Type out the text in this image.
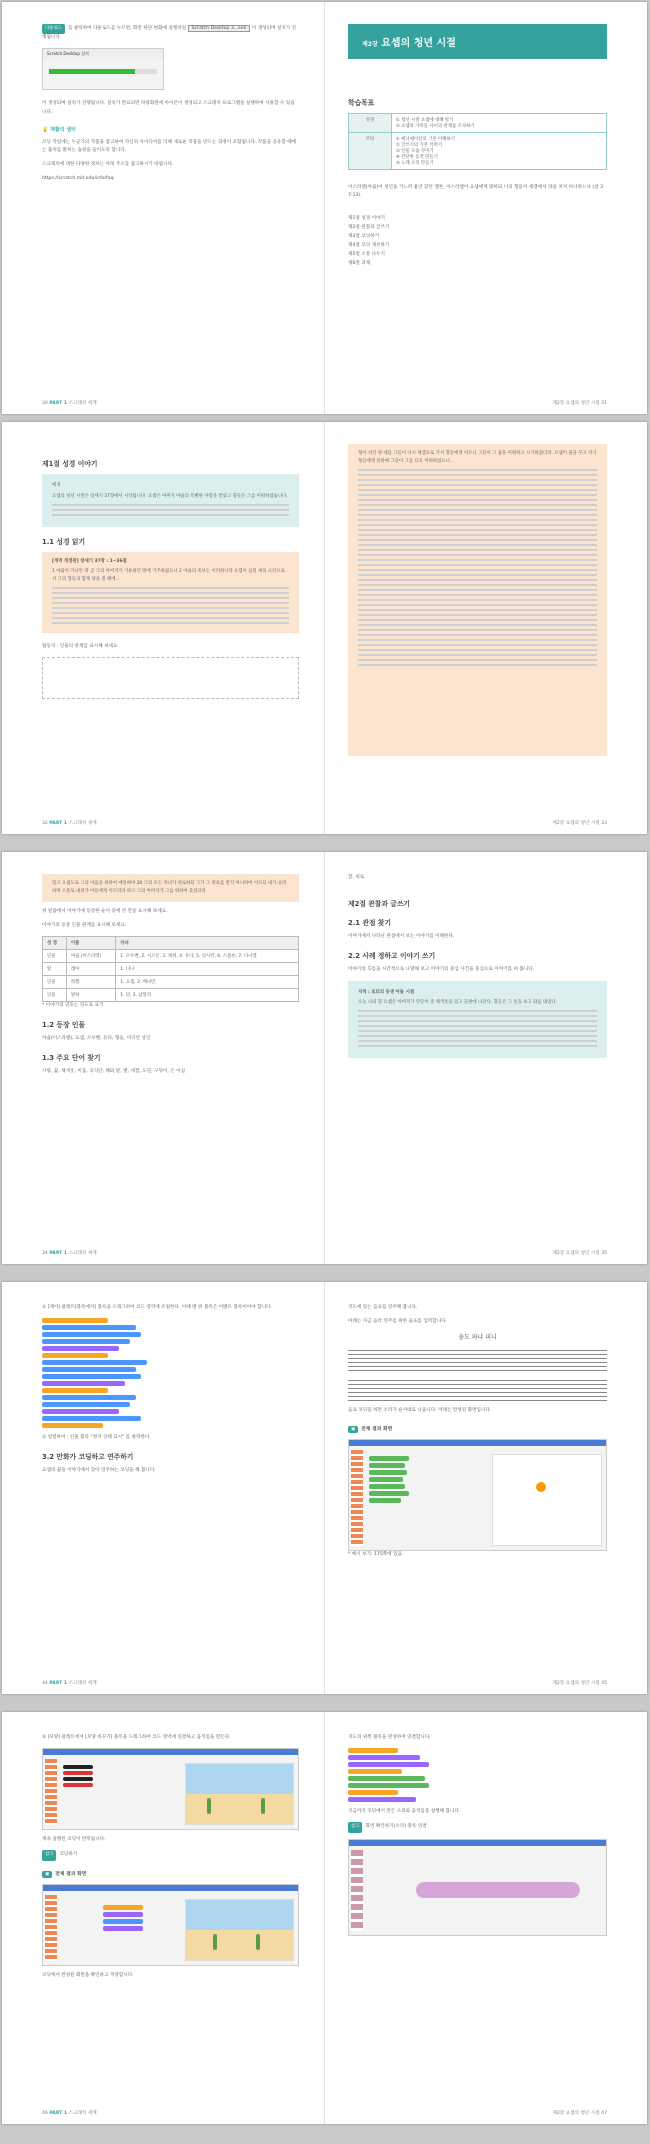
다운로드 를 클릭하여 다운로드를 누르면, 화면 하단 변화에 실행파일 Scratch Desktop 3...exe 이 생성되며 설치가 진행됩니다.

Scratch Desktop 설치

이 생성되며 설치가 진행됩니다. 설치가 완료되면 바탕화면에 아이콘이 생성되고 스크래치 프로그램을 실행하여 사용할 수 있습니다.

💡 재활의 샘터

코딩 작업에는 누군가의 작품을 참고하여 자신의 아이디어를 더해 새로운 작품을 만드는 과정이 포함됩니다. 작품을 공유할 때에는 출처를 밝히는 습관을 들이도록 합니다.

스크래치에 대한 다양한 정보는 아래 주소를 참고하시기 바랍니다.

https://scratch.mit.edu/info/faq

30 PART 1 스크래치 세계
제2장 요셉의 청년 시절
학습목표
성경	① 청년 시절 요셉에 대해 알기
② 요셉과 가족들 사이의 관계를 조사하기

코딩	① 애니메이션의 기본 이해하기
② 글쓰기의 기본 익히기
③ 인물 모습 꾸미기
④ 간단한 동작 만들기
⑤ 노래 소리 만들기

이스라엘(야곱)이 청년을 거느려 흉년 갔던 엘론, 이스라엘이 요셉에게 말하되 너의 형들이 세겜에서 양을 치지 아니하느냐 (창 37:13).

제1절 성경 이야기
제2절 관찰과 글쓰기
제3절 코딩하기
제4절 코딩 개선하기
제5절 소통 나누기
제6절 과제
제2장 요셉의 청년 시절 31
제1절 성경 이야기
배경
요셉의 청년 시절은 창세기 37장에서 시작됩니다. 요셉은 아버지 야곱의 특별한 사랑을 받았고 형들은 그를 미워하였습니다.
1.1 성경 읽기
[개역 개정판] 창세기 37장 : 1~36절
1 야곱이 가나안 땅 곧 그의 아버지가 거류하던 땅에 거주하였으니 2 야곱의 족보는 이러하니라 요셉이 십칠 세의 소년으로서 그의 형들과 함께 양을 칠 때에...

활동지 : 인물의 관계를 표시해 보세요

32 PART 1 스크래치 세계
형이 치던 양 떼를 그들이 다시 세겜으로 가서 형들에게 이르니 그들이 그 꿈을 미워하고 시기하였더라. 요셉이 꿈을 꾸고 자기 형들에게 말하매 그들이 그를 더욱 미워하였으니...
제2장 요셉의 청년 시절 33
있고 요셉도로 그의 마음을 위하여 애통하며 20 그의 모든 자녀가 위로하되 그가 그 위로를 받지 아니하여 이르되 내가 슬퍼하며 스올로 내려가 아들에게 이르리라 하고 그의 아버지가 그를 위하여 울었더라

위 말씀에서 이야기에 등장한 순서 중에 빈 칸을 표시해 보세요.

이야기의 등장 인물 관계를 표시해 보세요.

성 경	이름	자녀
인물	야곱 (이스라엘)	1. 르우벤, 2. 시므온, 3. 레위, 4. 유다, 5. 잇사갈, 6. 스불론, 7. 다니엘
딸	레아	1. 디나
인물	라헬	1. 요셉, 2. 베냐민
인물	빌하	1. 단, 2. 납달리

* 이야기의 연호는 연도로 표기

1.2 등장 인물

야곱(이스라엘), 요셉, 르우벤, 유다, 형들, 미디안 상인

1.3 주요 단어 찾기

사랑, 꿈, 채색옷, 미움, 곡식단, 해와 달, 별, 세겜, 도단, 구덩이, 은 이십

34 PART 1 스크래치 세계

할, 위로

제2절 관찰과 글쓰기
2.1 관점 찾기

이야기에서 나타난 관점에서 보는 이야기를 이해한다.

2.2 사례 정하고 이야기 쓰기

이야기의 흐름을 시간적으로 나열해 보고 이야기의 중심 사건을 중심으로 이야기를 써 봅니다.

지역 : 로티의 동생 아돌 시점
오늘 나의 형 요셉은 아버지가 만들어 준 채색옷을 입고 들판에 나갔다. 형들은 그 옷을 보고 화를 내었다.
제2장 요셉의 청년 시절 35

① [제어] 팔레트[블록에서] 블록을 드래그하여 코드 영역에 조립한다. 이때 맨 위 블록은 이벤트 블록이어야 합니다.

① 일렬하여 : 인물 블록 "정지 상태 표시" 를 클릭한다.

3.2 만화가 코딩하고 연주하기

요셉의 꿈을 이야기에서 찾아 연주하는 코딩을 해 봅니다.

44 PART 1 스크래치 세계

지도에 있는 음표를 연주해 봅니다.

아래는 지금 음악 연주를 위한 음표를 입력합니다.

솔도 파냐 피니

음표 코딩을 하면 소리가 순서대로 나옵니다. 아래는 완성된 화면입니다.

▣ 전체 결과 화면

* 예시 보기: 175쪽에 있음.

제2장 요셉의 청년 시절 45

③ [모양] 팔레트에서 [모양 바꾸기] 블록을 드래그하여 코드 영역에 연결하고 움직임을 만든다.

계속 실행된 코딩이 반복됩니다.

참고 코딩하기

▣ 전체 결과 화면

코딩에서 완성된 화면을 확인하고 저장합니다.

46 PART 1 스크래치 세계

지도의 위쪽 블록을 완성하여 연결합니다.

지금까지 코딩에서 만든 소리와 움직임을 실행해 봅니다.

참고 화면 확인하기(소리) 블록 연결

제2장 요셉의 청년 시절 47
